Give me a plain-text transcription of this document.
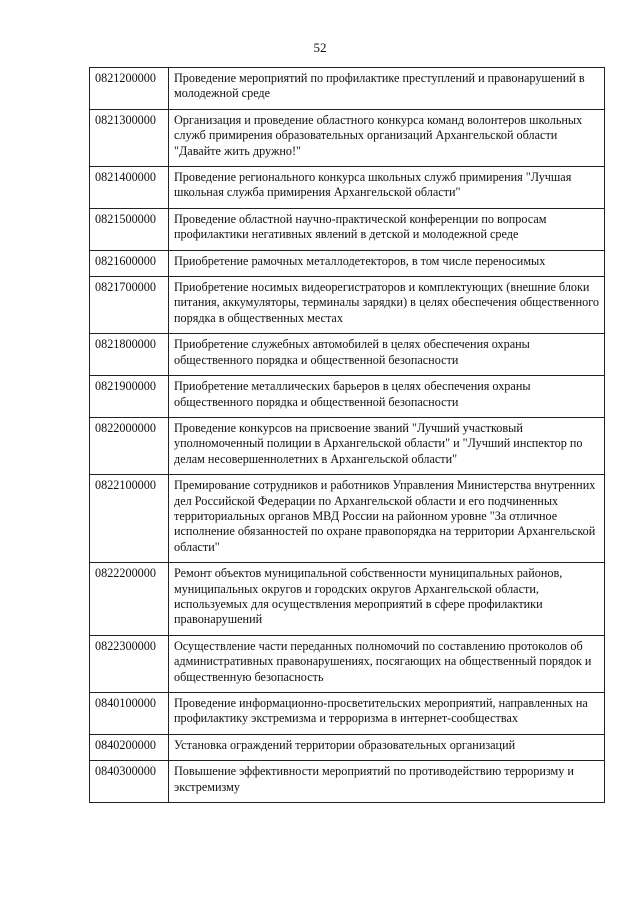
52
0821200000	Проведение мероприятий по профилактике преступлений и правонарушений в молодежной среде
0821300000	Организация и проведение областного конкурса команд волонтеров школьных служб примирения образовательных организаций Архангельской области "Давайте жить дружно!"
0821400000	Проведение регионального конкурса школьных служб примирения "Лучшая школьная служба примирения Архангельской области"
0821500000	Проведение областной научно-практической конференции по вопросам профилактики негативных явлений в детской и молодежной среде
0821600000	Приобретение рамочных металлодетекторов, в том числе переносимых
0821700000	Приобретение носимых видеорегистраторов и комплектующих (внешние блоки питания, аккумуляторы, терминалы зарядки) в целях обеспечения общественного порядка в общественных местах
0821800000	Приобретение служебных автомобилей в целях обеспечения охраны общественного порядка и общественной безопасности
0821900000	Приобретение металлических барьеров в целях обеспечения охраны общественного порядка и общественной безопасности
0822000000	Проведение конкурсов на присвоение званий "Лучший участковый уполномоченный полиции в Архангельской области" и "Лучший инспектор по делам несовершеннолетних в Архангельской области"
0822100000	Премирование сотрудников и работников Управления Министерства внутренних дел Российской Федерации по Архангельской области и его подчиненных территориальных органов МВД России на районном уровне "За отличное исполнение обязанностей по охране правопорядка на территории Архангельской области"
0822200000	Ремонт объектов муниципальной собственности муниципальных районов, муниципальных округов и городских округов Архангельской области, используемых для осуществления мероприятий в сфере профилактики правонарушений
0822300000	Осуществление части переданных полномочий по составлению протоколов об административных правонарушениях, посягающих на общественный порядок и общественную безопасность
0840100000	Проведение информационно-просветительских мероприятий, направленных на профилактику экстремизма и терроризма в интернет-сообществах
0840200000	Установка ограждений территории образовательных организаций
0840300000	Повышение эффективности мероприятий по противодействию терроризму и экстремизму
